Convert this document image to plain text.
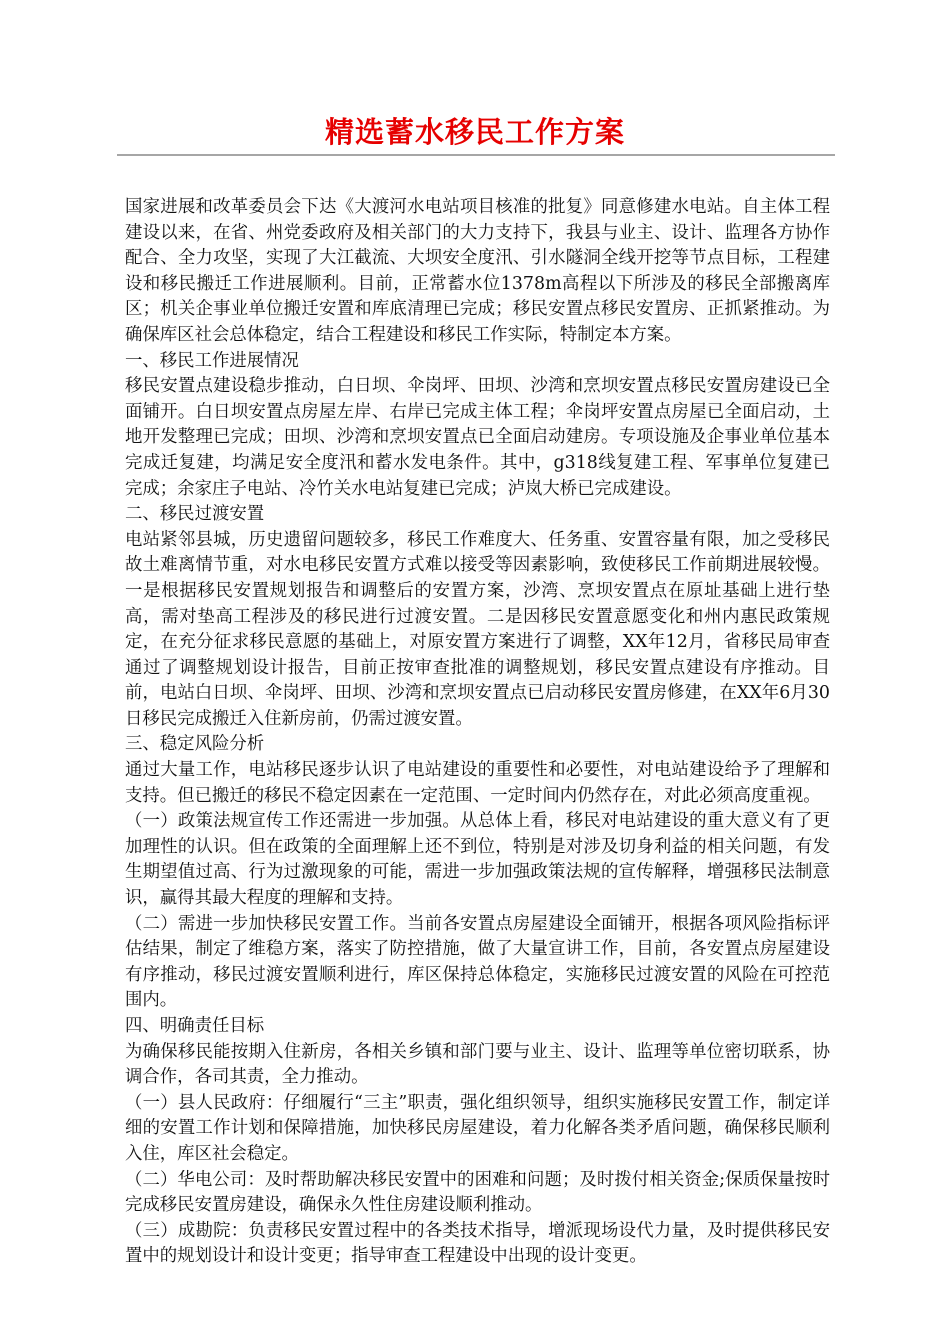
精选蓄水移民工作方案

国家进展和改革委员会下达《大渡河水电站项目核准的批复》同意修建水电站。自主体工程建设以来，在省、州党委政府及相关部门的大力支持下，我县与业主、设计、监理各方协作配合、全力攻坚，实现了大江截流、大坝安全度汛、引水隧洞全线开挖等节点目标，工程建设和移民搬迁工作进展顺利。目前，正常蓄水位1378m高程以下所涉及的移民全部搬离库区；机关企事业单位搬迁安置和库底清理已完成；移民安置点移民安置房、正抓紧推动。为确保库区社会总体稳定，结合工程建设和移民工作实际，特制定本方案。

一、移民工作进展情况

移民安置点建设稳步推动，白日坝、伞岗坪、田坝、沙湾和烹坝安置点移民安置房建设已全面铺开。白日坝安置点房屋左岸、右岸已完成主体工程；伞岗坪安置点房屋已全面启动，土地开发整理已完成；田坝、沙湾和烹坝安置点已全面启动建房。专项设施及企事业单位基本完成迁复建，均满足安全度汛和蓄水发电条件。其中，g318线复建工程、军事单位复建已完成；余家庄子电站、冷竹关水电站复建已完成；泸岚大桥已完成建设。

二、移民过渡安置

电站紧邻县城，历史遗留问题较多，移民工作难度大、任务重、安置容量有限，加之受移民故土难离情节重，对水电移民安置方式难以接受等因素影响，致使移民工作前期进展较慢。一是根据移民安置规划报告和调整后的安置方案，沙湾、烹坝安置点在原址基础上进行垫高，需对垫高工程涉及的移民进行过渡安置。二是因移民安置意愿变化和州内惠民政策规定，在充分征求移民意愿的基础上，对原安置方案进行了调整，XX年12月，省移民局审查通过了调整规划设计报告，目前正按审查批准的调整规划，移民安置点建设有序推动。目前，电站白日坝、伞岗坪、田坝、沙湾和烹坝安置点已启动移民安置房修建，在XX年6月30日移民完成搬迁入住新房前，仍需过渡安置。

三、稳定风险分析

通过大量工作，电站移民逐步认识了电站建设的重要性和必要性，对电站建设给予了理解和支持。但已搬迁的移民不稳定因素在一定范围、一定时间内仍然存在，对此必须高度重视。

（一）政策法规宣传工作还需进一步加强。从总体上看，移民对电站建设的重大意义有了更加理性的认识。但在政策的全面理解上还不到位，特别是对涉及切身利益的相关问题，有发生期望值过高、行为过激现象的可能，需进一步加强政策法规的宣传解释，增强移民法制意识，赢得其最大程度的理解和支持。

（二）需进一步加快移民安置工作。当前各安置点房屋建设全面铺开，根据各项风险指标评估结果，制定了维稳方案，落实了防控措施，做了大量宣讲工作，目前，各安置点房屋建设有序推动，移民过渡安置顺利进行，库区保持总体稳定，实施移民过渡安置的风险在可控范围内。

四、明确责任目标

为确保移民能按期入住新房，各相关乡镇和部门要与业主、设计、监理等单位密切联系，协调合作，各司其责，全力推动。

（一）县人民政府：仔细履行“三主”职责，强化组织领导，组织实施移民安置工作，制定详细的安置工作计划和保障措施，加快移民房屋建设，着力化解各类矛盾问题，确保移民顺利入住，库区社会稳定。

（二）华电公司：及时帮助解决移民安置中的困难和问题；及时拨付相关资金;保质保量按时完成移民安置房建设，确保永久性住房建设顺利推动。

（三）成勘院：负责移民安置过程中的各类技术指导，增派现场设代力量，及时提供移民安置中的规划设计和设计变更；指导审查工程建设中出现的设计变更。
